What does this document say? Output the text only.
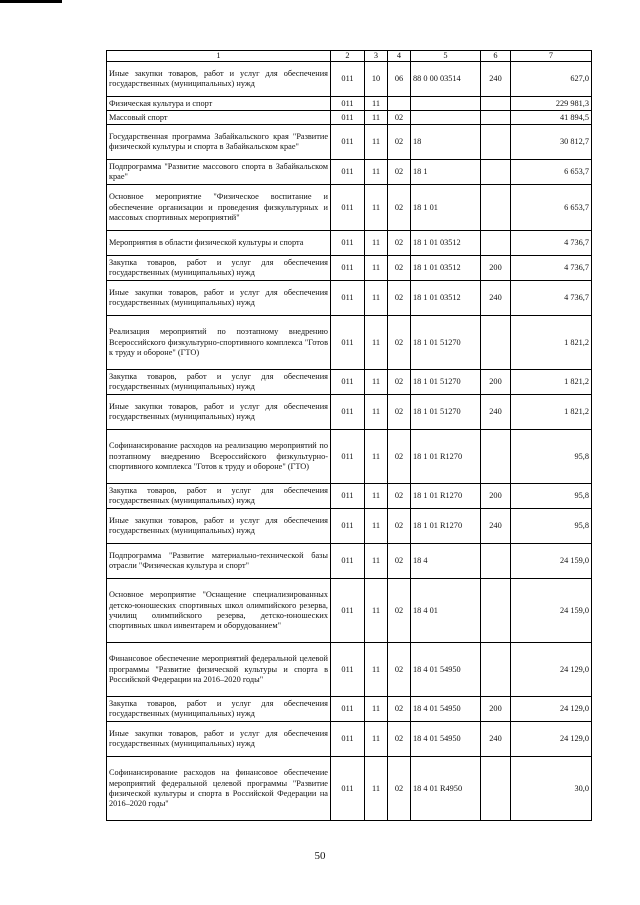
1	2	3	4	5	6	7
Иные закупки товаров, работ и услуг для обеспечения государственных (муниципальных) нужд	011	10	06	88 0 00 03514	240	627,0
Физическая культура и спорт	011	11				229 981,3
Массовый спорт	011	11	02			41 894,5
Государственная программа Забайкальского края "Развитие физической культуры и спорта в Забайкальском крае"	011	11	02	18		30 812,7
Подпрограмма "Развитие массового спорта в Забайкальском крае"	011	11	02	18 1		6 653,7
Основное мероприятие "Физическое воспитание и обеспечение организации и проведения физкультурных и массовых спортивных мероприятий"	011	11	02	18 1 01		6 653,7
Мероприятия в области физической культуры и спорта	011	11	02	18 1 01 03512		4 736,7
Закупка товаров, работ и услуг для обеспечения государственных (муниципальных) нужд	011	11	02	18 1 01 03512	200	4 736,7
Иные закупки товаров, работ и услуг для обеспечения государственных (муниципальных) нужд	011	11	02	18 1 01 03512	240	4 736,7
Реализация мероприятий по поэтапному внедрению Всероссийского физкультурно-спортивного комплекса "Готов к труду и обороне" (ГТО)	011	11	02	18 1 01 51270		1 821,2
Закупка товаров, работ и услуг для обеспечения государственных (муниципальных) нужд	011	11	02	18 1 01 51270	200	1 821,2
Иные закупки товаров, работ и услуг для обеспечения государственных (муниципальных) нужд	011	11	02	18 1 01 51270	240	1 821,2
Софинансирование расходов на реализацию мероприятий по поэтапному внедрению Всероссийского физкультурно-спортивного комплекса "Готов к труду и обороне" (ГТО)	011	11	02	18 1 01 R1270		95,8
Закупка товаров, работ и услуг для обеспечения государственных (муниципальных) нужд	011	11	02	18 1 01 R1270	200	95,8
Иные закупки товаров, работ и услуг для обеспечения государственных (муниципальных) нужд	011	11	02	18 1 01 R1270	240	95,8
Подпрограмма "Развитие материально-технической базы отрасли "Физическая культура и спорт"	011	11	02	18 4		24 159,0
Основное мероприятие "Оснащение специализированных детско-юношеских спортивных школ олимпийского резерва, училищ олимпийского резерва, детско-юношеских спортивных школ инвентарем и оборудованием"	011	11	02	18 4 01		24 159,0
Финансовое обеспечение мероприятий федеральной целевой программы "Развитие физической культуры и спорта в Российской Федерации на 2016–2020 годы"	011	11	02	18 4 01 54950		24 129,0
Закупка товаров, работ и услуг для обеспечения государственных (муниципальных) нужд	011	11	02	18 4 01 54950	200	24 129,0
Иные закупки товаров, работ и услуг для обеспечения государственных (муниципальных) нужд	011	11	02	18 4 01 54950	240	24 129,0
Софинансирование расходов на финансовое обеспечение мероприятий федеральной целевой программы "Развитие физической культуры и спорта в Российской Федерации на 2016–2020 годы"	011	11	02	18 4 01 R4950		30,0
50
